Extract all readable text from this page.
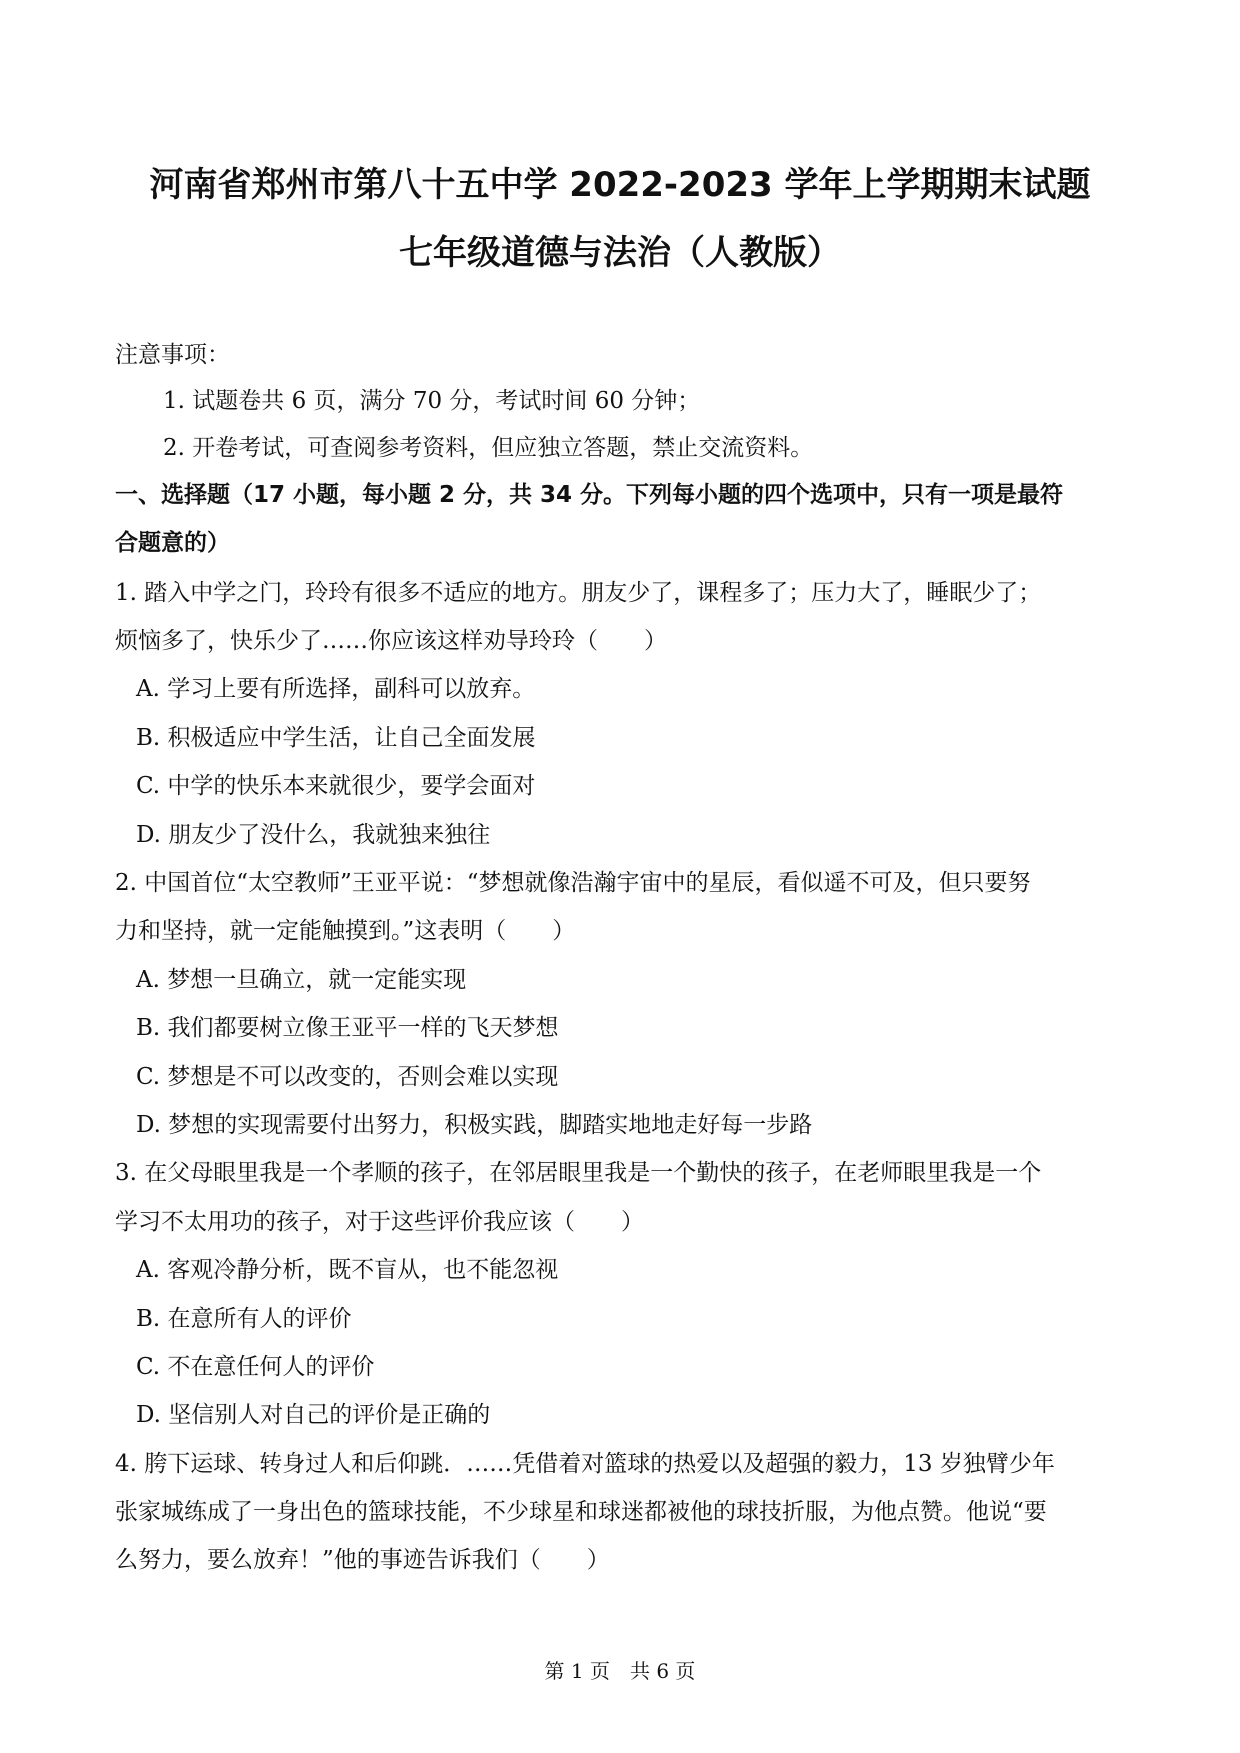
河南省郑州市第八十五中学 2022-2023 学年上学期期末试题
七年级道德与法治（人教版）
注意事项：
1. 试题卷共 6 页，满分 70 分，考试时间 60 分钟；
2. 开卷考试，可查阅参考资料，但应独立答题，禁止交流资料。
一、选择题（17 小题，每小题 2 分，共 34 分。下列每小题的四个选项中，只有一项是最符
合题意的）
1. 踏入中学之门，玲玲有很多不适应的地方。朋友少了，课程多了；压力大了，睡眠少了；
烦恼多了，快乐少了……你应该这样劝导玲玲（　　）
A. 学习上要有所选择，副科可以放弃。
B. 积极适应中学生活，让自己全面发展
C. 中学的快乐本来就很少，要学会面对
D. 朋友少了没什么，我就独来独往
2. 中国首位“太空教师”王亚平说：“梦想就像浩瀚宇宙中的星辰，看似遥不可及，但只要努
力和坚持，就一定能触摸到。”这表明（　　）
A. 梦想一旦确立，就一定能实现
B. 我们都要树立像王亚平一样的飞天梦想
C. 梦想是不可以改变的，否则会难以实现
D. 梦想的实现需要付出努力，积极实践，脚踏实地地走好每一步路
3. 在父母眼里我是一个孝顺的孩子，在邻居眼里我是一个勤快的孩子，在老师眼里我是一个
学习不太用功的孩子，对于这些评价我应该（　　）
A. 客观冷静分析，既不盲从，也不能忽视
B. 在意所有人的评价
C. 不在意任何人的评价
D. 坚信别人对自己的评价是正确的
4. 胯下运球、转身过人和后仰跳．……凭借着对篮球的热爱以及超强的毅力，13 岁独臂少年
张家城练成了一身出色的篮球技能，不少球星和球迷都被他的球技折服，为他点赞。他说“要
么努力，要么放弃！”他的事迹告诉我们（　　）
第 1 页　共 6 页
